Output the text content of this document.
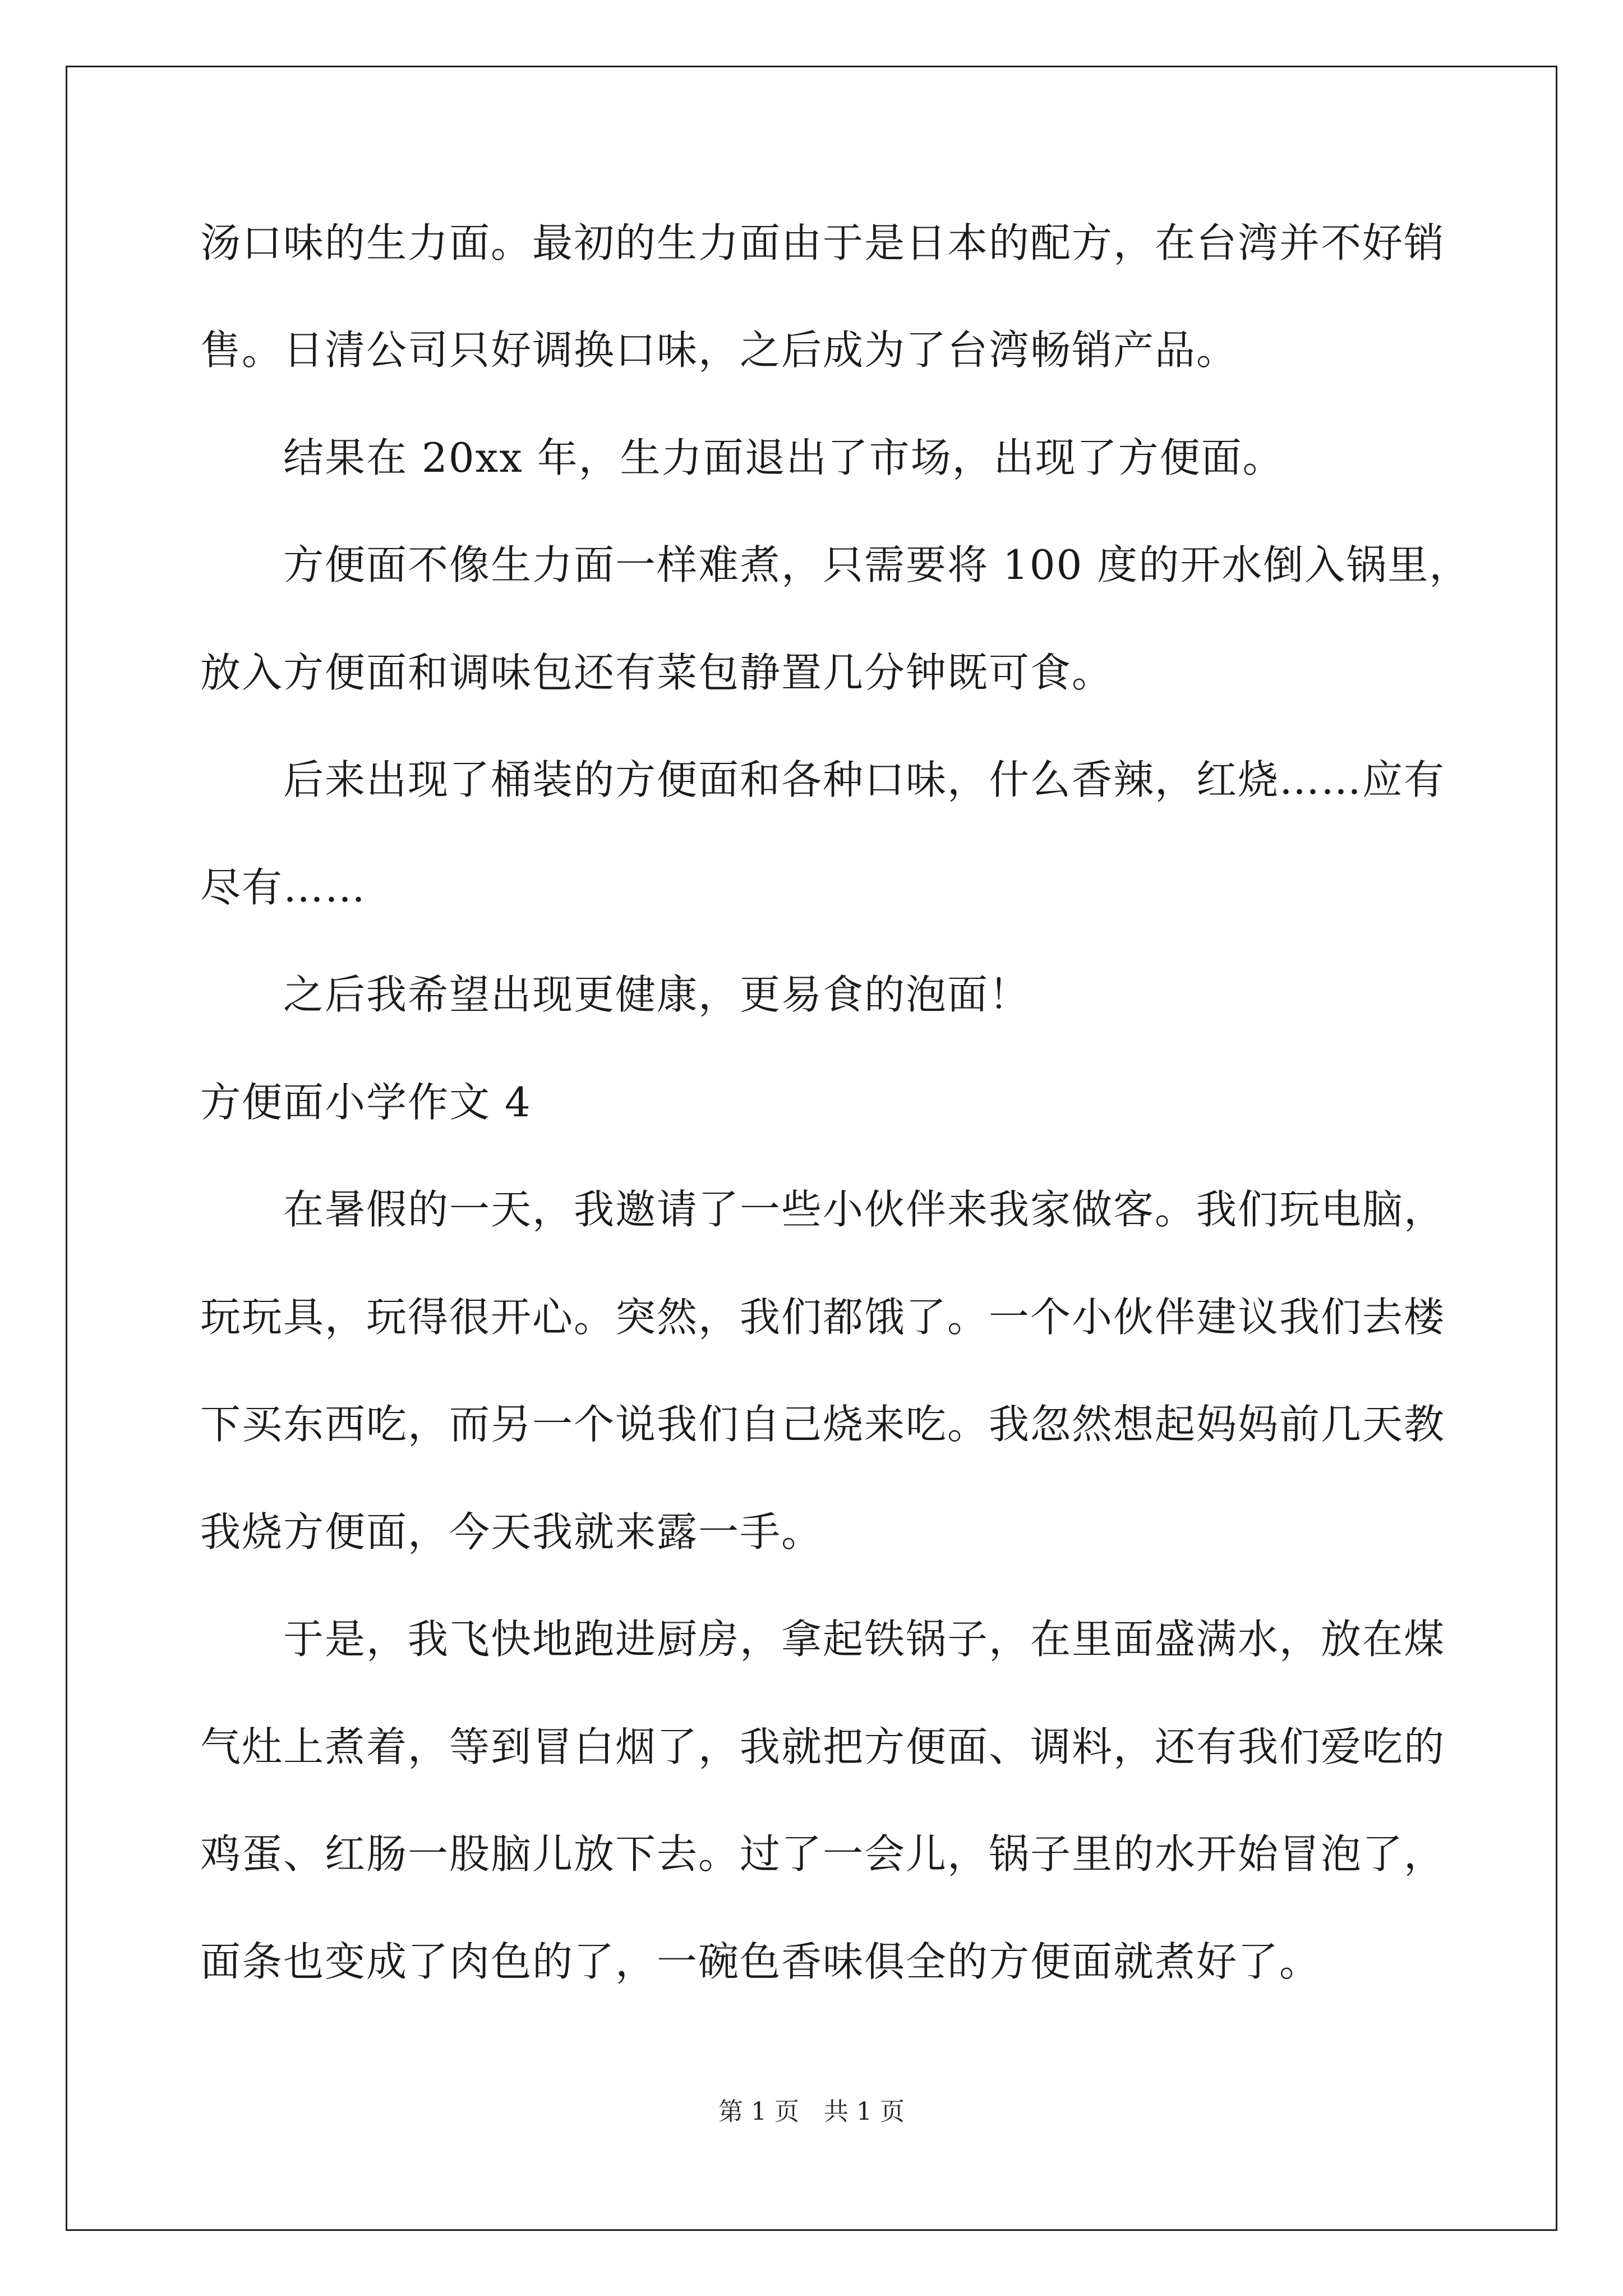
汤口味的生力面。最初的生力面由于是日本的配方，在台湾并不好销
售。日清公司只好调换口味，之后成为了台湾畅销产品。
结果在 20xx 年，生力面退出了市场，出现了方便面。
方便面不像生力面一样难煮，只需要将 100 度的开水倒入锅里，
放入方便面和调味包还有菜包静置几分钟既可食。
后来出现了桶装的方便面和各种口味，什么香辣，红烧……应有
尽有……
之后我希望出现更健康，更易食的泡面！
方便面小学作文 4
在暑假的一天，我邀请了一些小伙伴来我家做客。我们玩电脑，
玩玩具，玩得很开心。突然，我们都饿了。一个小伙伴建议我们去楼
下买东西吃，而另一个说我们自己烧来吃。我忽然想起妈妈前几天教
我烧方便面，今天我就来露一手。
于是，我飞快地跑进厨房，拿起铁锅子，在里面盛满水，放在煤
气灶上煮着，等到冒白烟了，我就把方便面、调料，还有我们爱吃的
鸡蛋、红肠一股脑儿放下去。过了一会儿，锅子里的水开始冒泡了，
面条也变成了肉色的了，一碗色香味俱全的方便面就煮好了。
第 1 页　共 1 页
